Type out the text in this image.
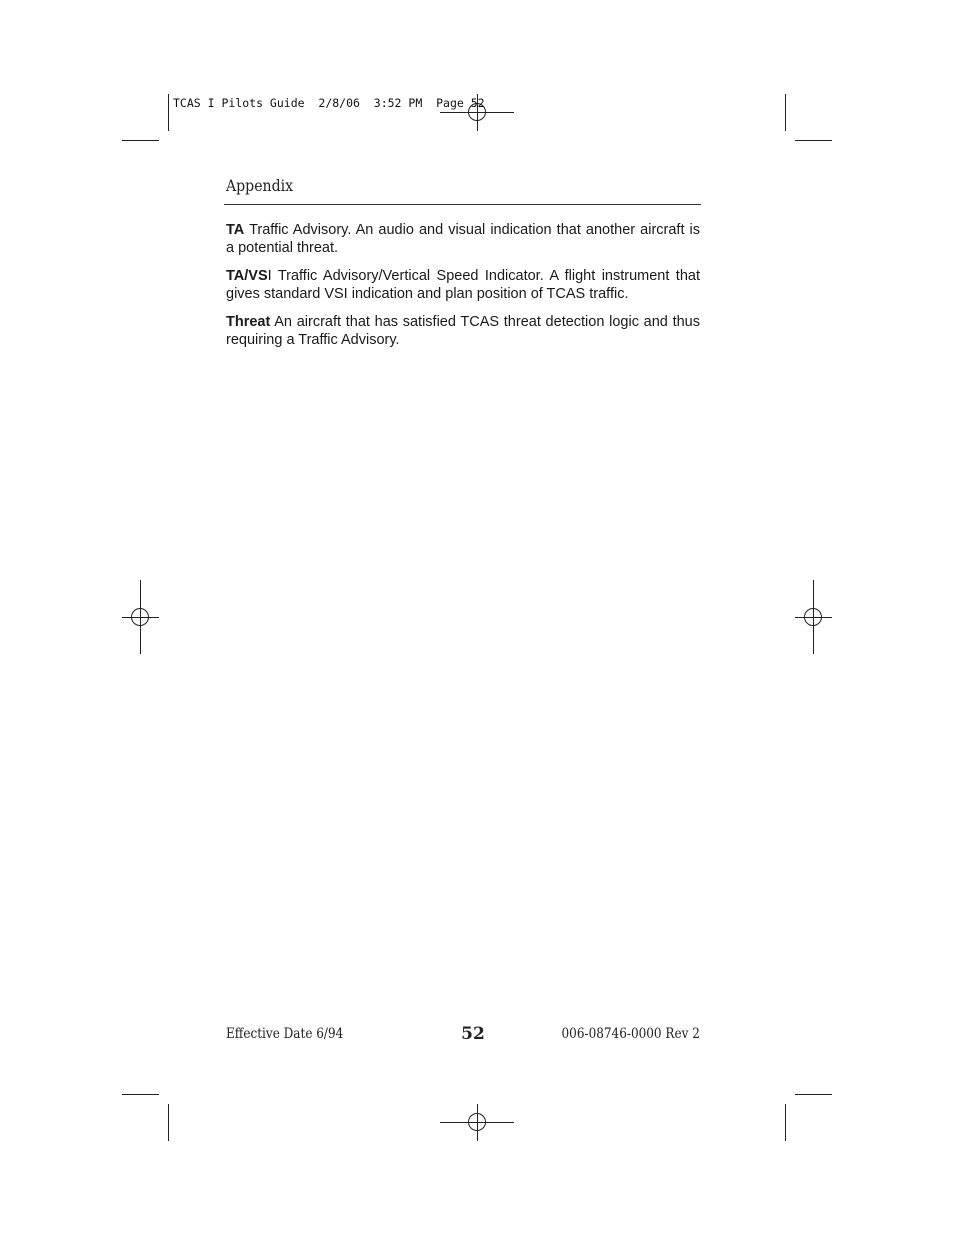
TCAS I Pilots Guide  2/8/06  3:52 PM  Page 52
Appendix

TA Traffic Advisory. An audio and visual indication that another aircraft is a potential threat.

TA/VSI Traffic Advisory/Vertical Speed Indicator. A flight instrument that gives standard VSI indication and plan position of TCAS traffic.

Threat An aircraft that has satisfied TCAS threat detection logic and thus requiring a Traffic Advisory.

Effective Date 6/94	52	006-08746-0000 Rev 2
